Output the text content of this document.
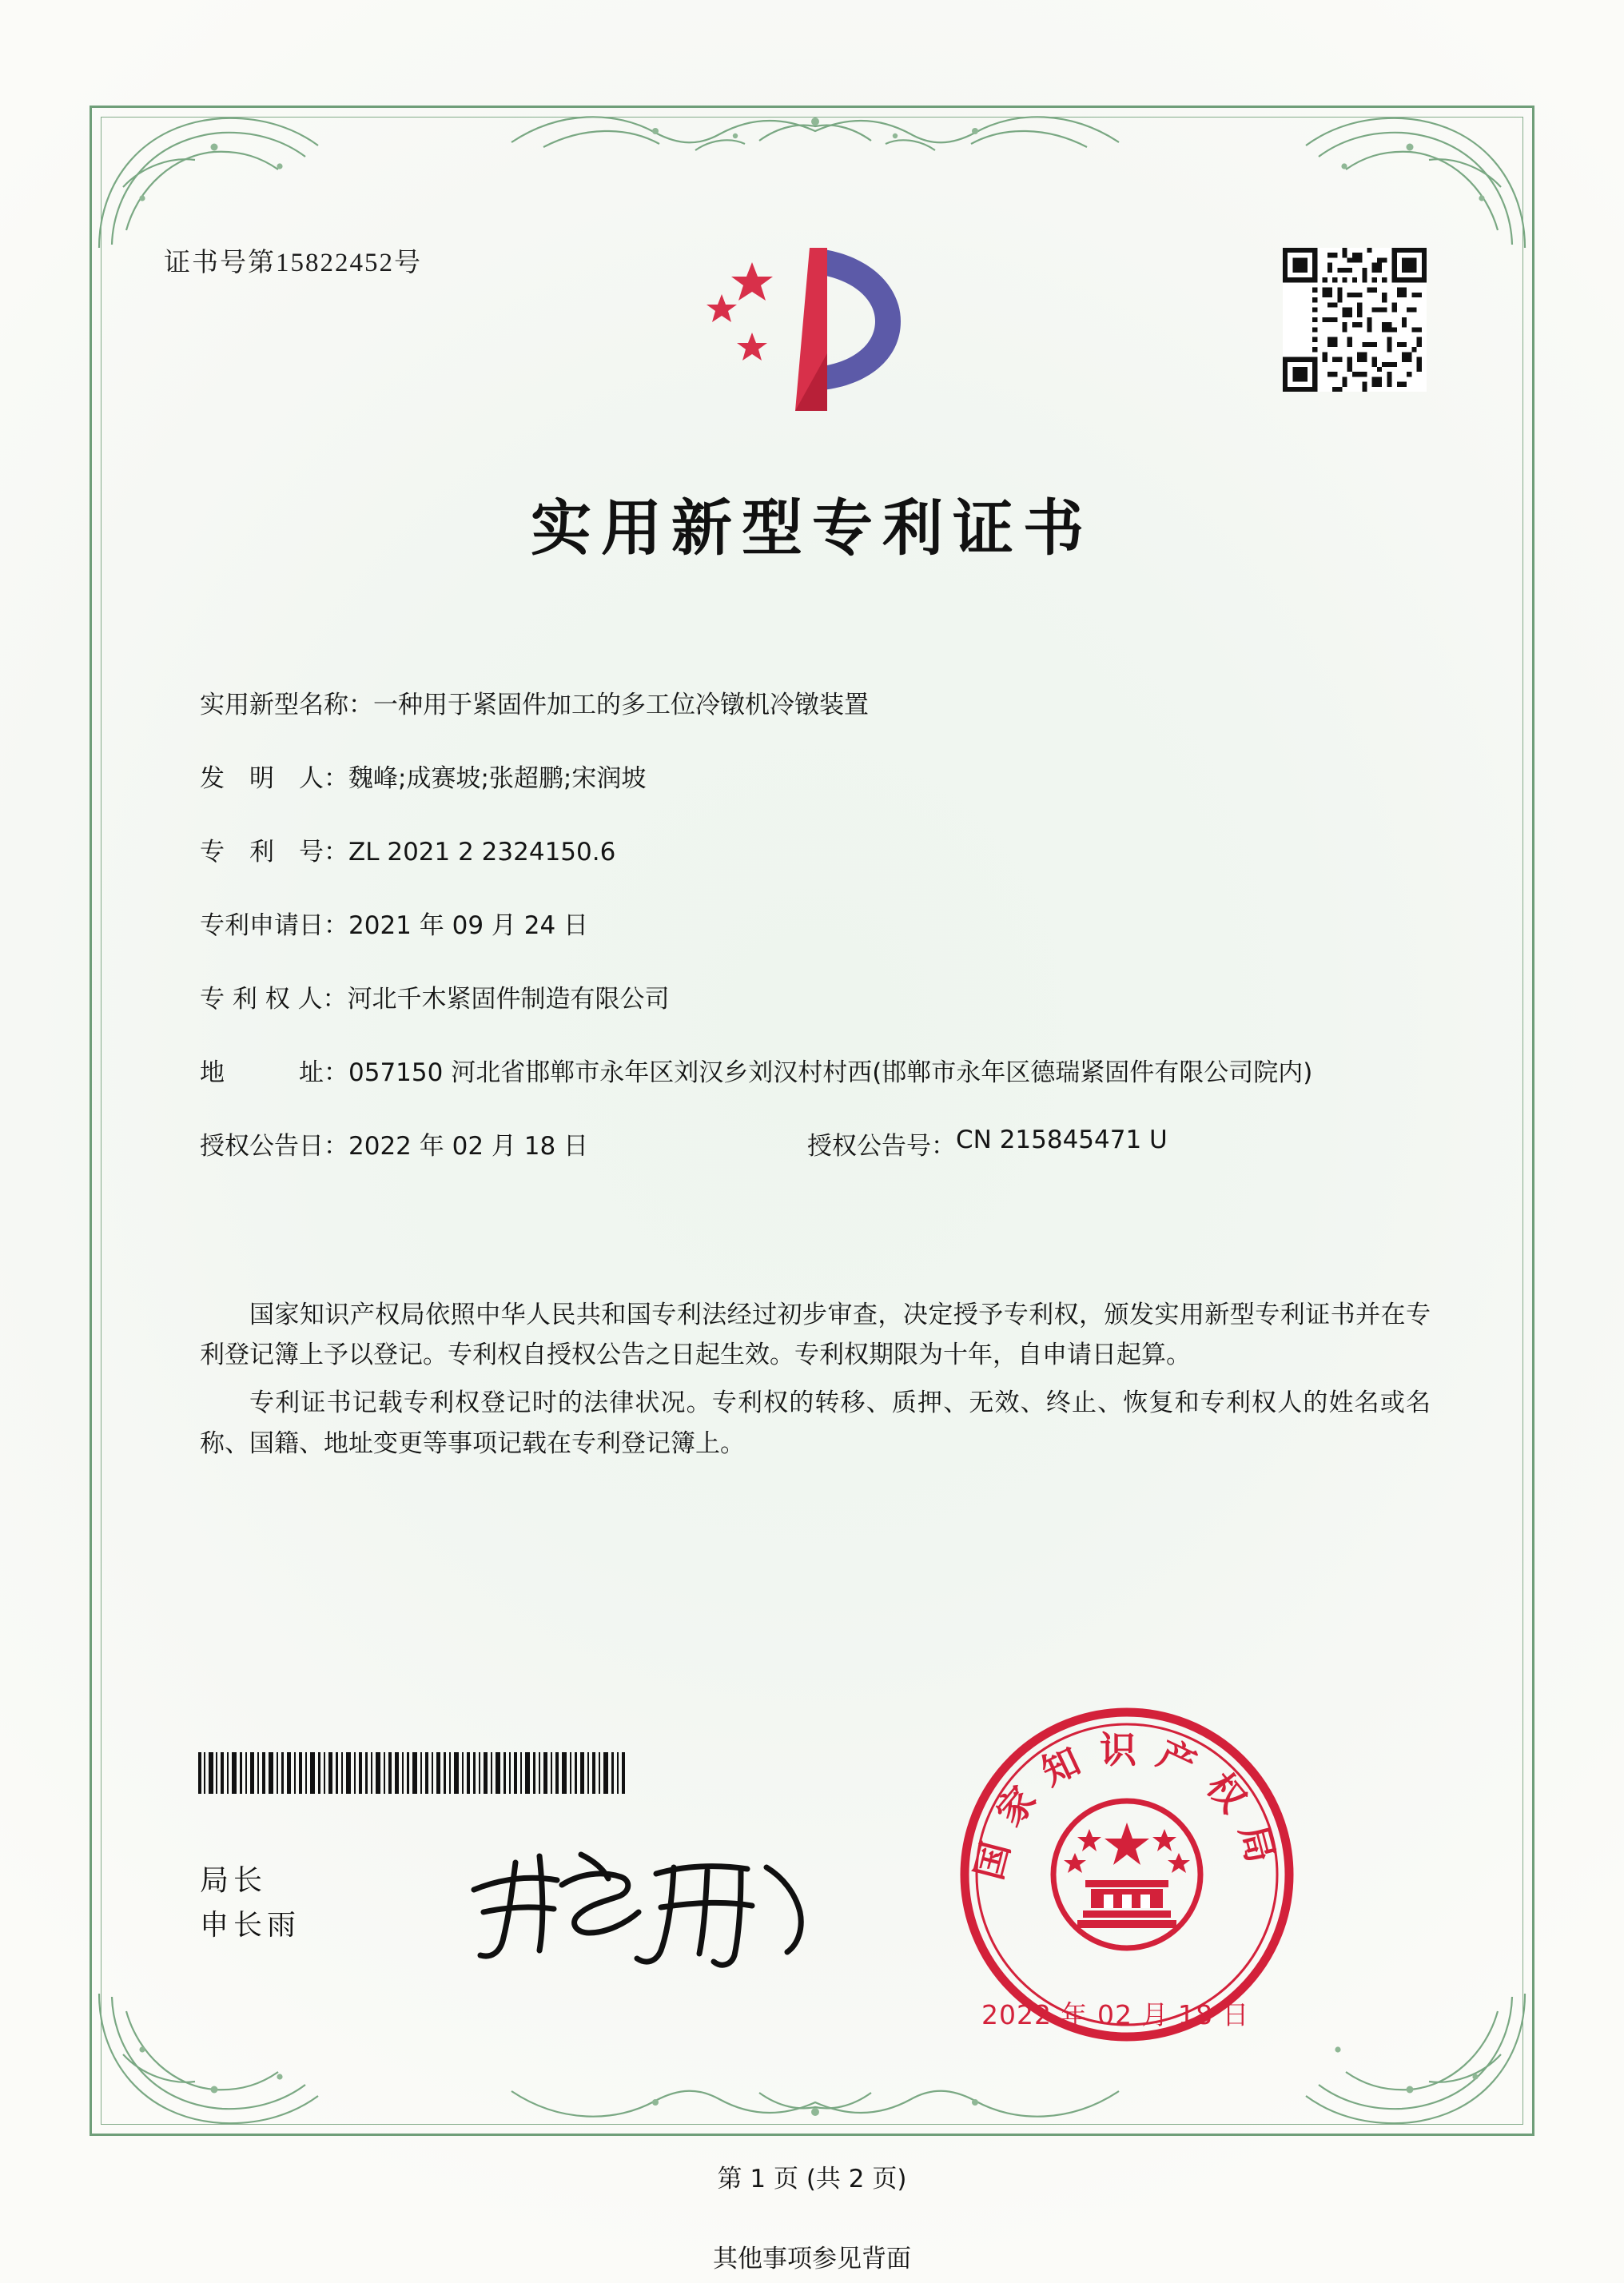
证书号第15822452号
实用新型专利证书
实用新型名称： 一种用于紧固件加工的多工位冷镦机冷镦装置
发　明　人： 魏峰;成赛坡;张超鹏;宋润坡
专　利　号： ZL 2021 2 2324150.6
专利申请日： 2021 年 09 月 24 日
专 利 权 人： 河北千木紧固件制造有限公司
地　　　址： 057150 河北省邯郸市永年区刘汉乡刘汉村村西(邯郸市永年区德瑞紧固件有限公司院内)
授权公告日： 2022 年 02 月 18 日	授权公告号： CN 215845471 U

国家知识产权局依照中华人民共和国专利法经过初步审查，决定授予专利权，颁发实用新型专利证书并在专利登记簿上予以登记。专利权自授权公告之日起生效。专利权期限为十年，自申请日起算。

专利证书记载专利权登记时的法律状况。专利权的转移、质押、无效、终止、恢复和专利权人的姓名或名称、国籍、地址变更等事项记载在专利登记簿上。

局长
申长雨
国家知识产权局
2022 年 02 月 18 日
第 1 页 (共 2 页)
其他事项参见背面
